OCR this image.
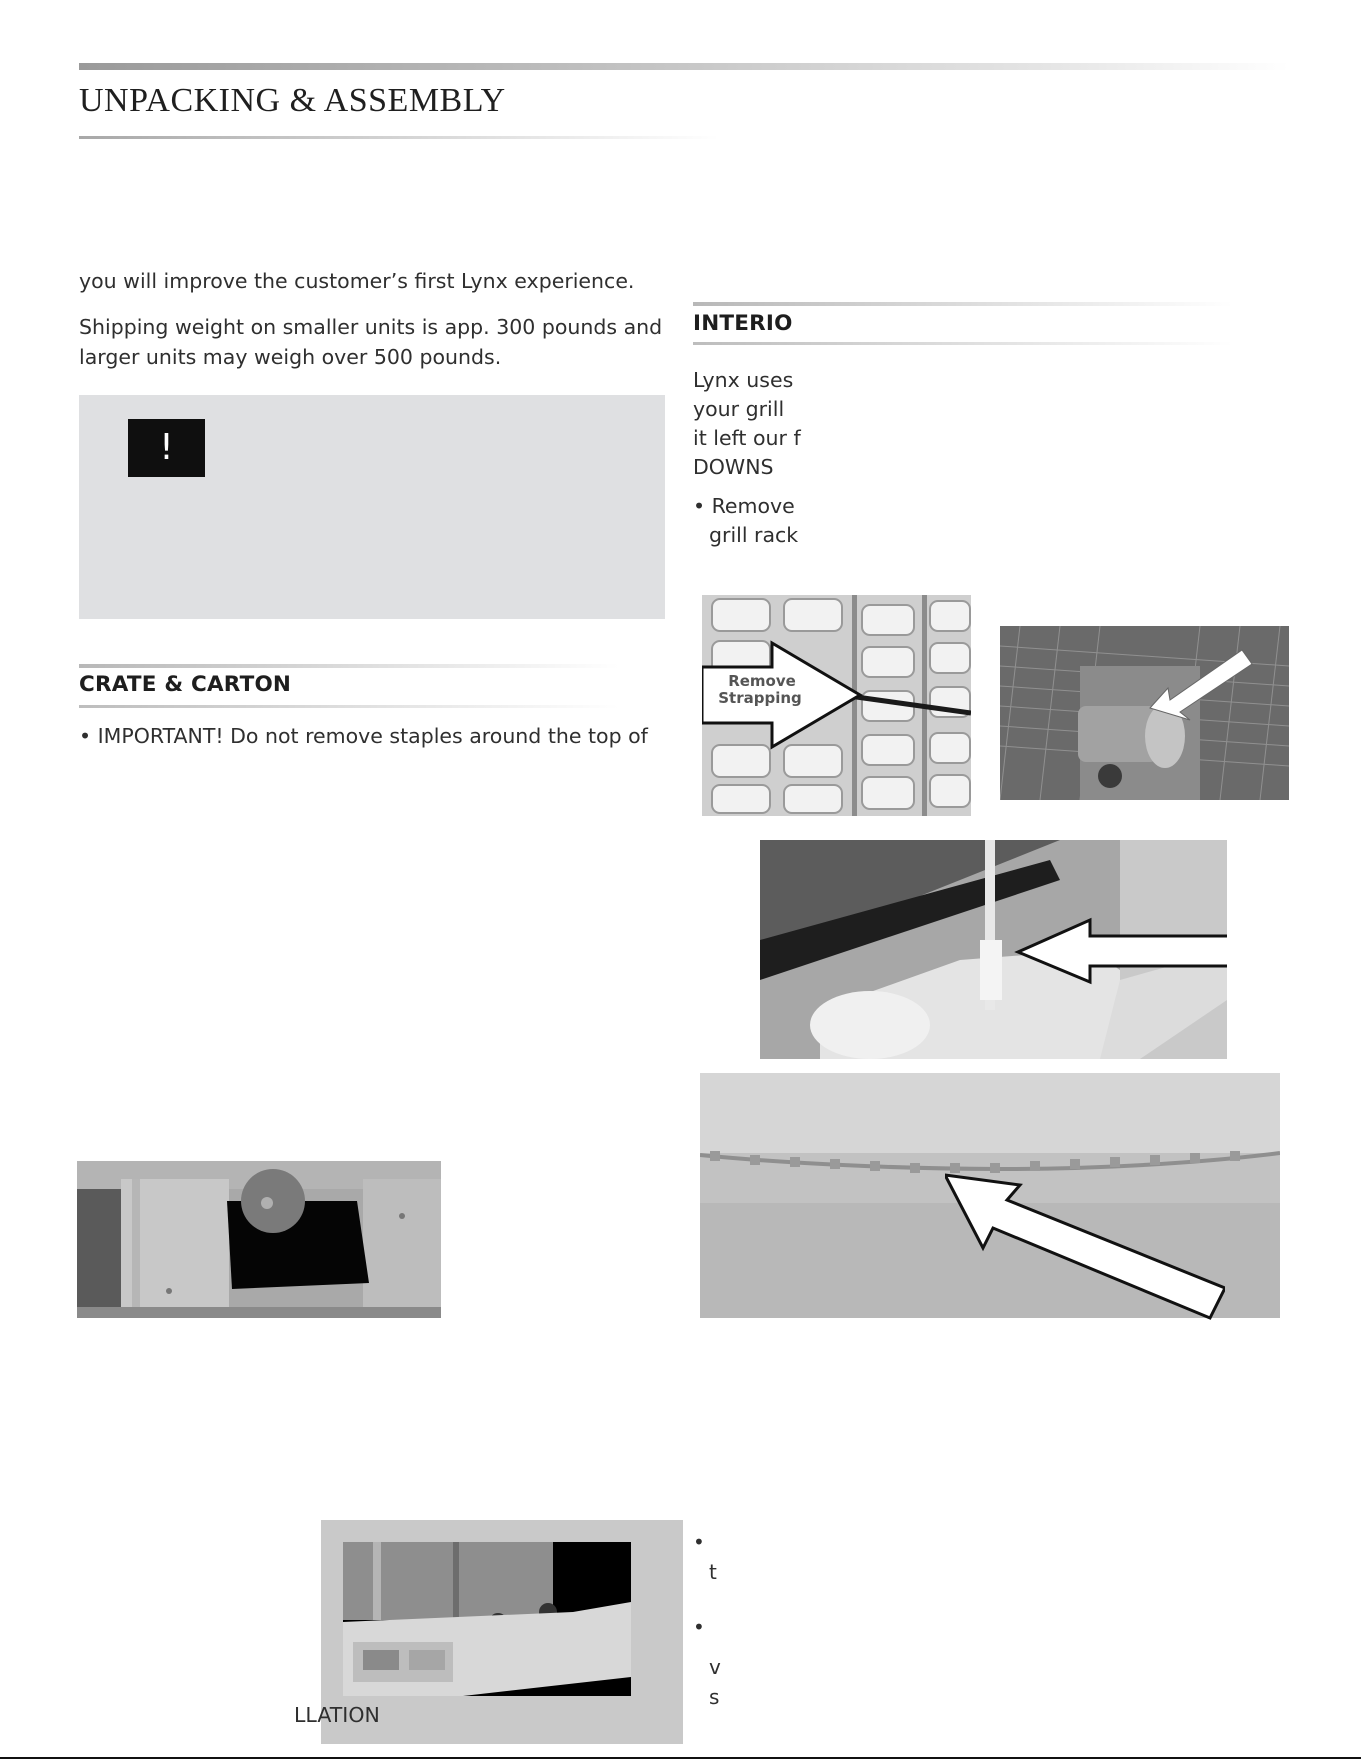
UNPACKING & ASSEMBLY
you will improve the customer’s first Lynx experience.
Shipping weight on smaller units is app. 300 pounds and
larger units may weigh over 500 pounds.
!
CRATE & CARTON
• IMPORTANT! Do not remove staples around the top of
LLATION
INTERIO
Lynx uses
your grill
it left our f
DOWNS
• Remove
grill rack
Remove
Strapping
•
t
•
v
s
